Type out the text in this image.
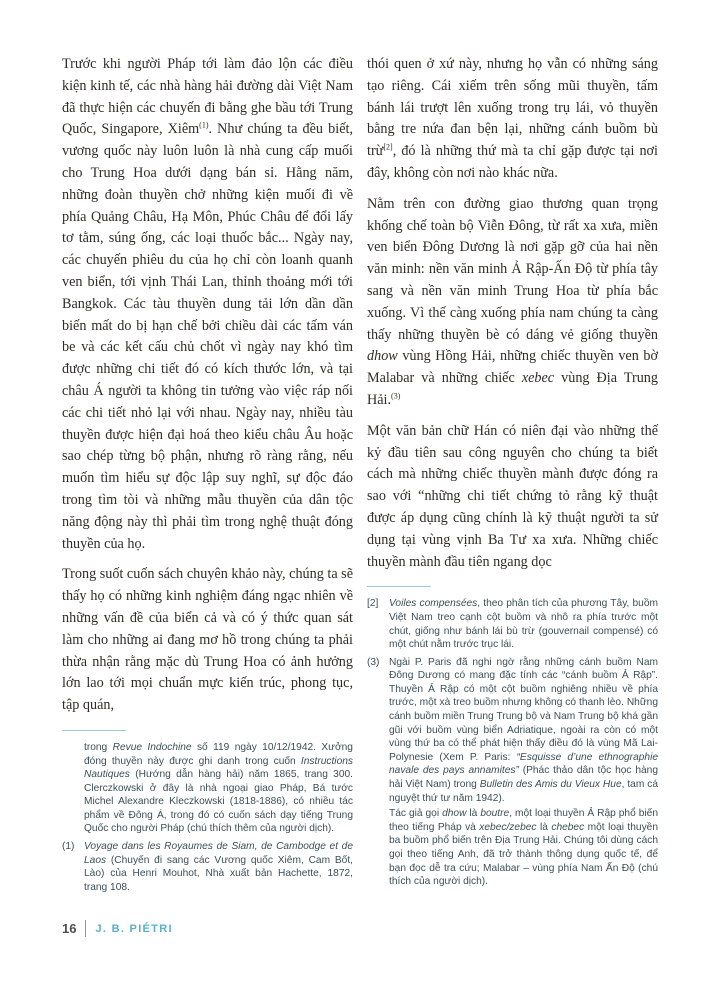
Trước khi người Pháp tới làm đảo lộn các điều kiện kinh tế, các nhà hàng hải đường dài Việt Nam đã thực hiện các chuyến đi bằng ghe bầu tới Trung Quốc, Singapore, Xiêm$^{(1)}$. Như chúng ta đều biết, vương quốc này luôn luôn là nhà cung cấp muối cho Trung Hoa dưới dạng bán sỉ. Hằng năm, những đoàn thuyền chở những kiện muối đi về phía Quảng Châu, Hạ Môn, Phúc Châu để đổi lấy tơ tằm, súng ống, các loại thuốc bắc... Ngày nay, các chuyến phiêu du của họ chỉ còn loanh quanh ven biển, tới vịnh Thái Lan, thỉnh thoảng mới tới Bangkok. Các tàu thuyền dung tải lớn dần dần biến mất do bị hạn chế bởi chiều dài các tấm ván be và các kết cấu chủ chốt vì ngày nay khó tìm được những chi tiết đó có kích thước lớn, và tại châu Á người ta không tin tưởng vào việc ráp nối các chi tiết nhỏ lại với nhau. Ngày nay, nhiều tàu thuyền được hiện đại hoá theo kiểu châu Âu hoặc sao chép từng bộ phận, nhưng rõ ràng rằng, nếu muốn tìm hiểu sự độc lập suy nghĩ, sự độc đáo trong tìm tòi và những mẫu thuyền của dân tộc năng động này thì phải tìm trong nghệ thuật đóng thuyền của họ.

Trong suốt cuốn sách chuyên khảo này, chúng ta sẽ thấy họ có những kinh nghiệm đáng ngạc nhiên về những vấn đề của biển cả và có ý thức quan sát làm cho những ai đang mơ hồ trong chúng ta phải thừa nhận rằng mặc dù Trung Hoa có ảnh hưởng lớn lao tới mọi chuẩn mực kiến trúc, phong tục, tập quán,

trong Revue Indochine số 119 ngày 10/12/1942. Xưởng đóng thuyền này được ghi danh trong cuốn Instructions Nautiques (Hướng dẫn hàng hải) năm 1865, trang 300. Clerczkowski ở đây là nhà ngoại giao Pháp, Bá tước Michel Alexandre Kleczkowski (1818-1886), có nhiều tác phẩm về Đông Á, trong đó có cuốn sách dạy tiếng Trung Quốc cho người Pháp (chú thích thêm của người dịch).
(1) Voyage dans les Royaumes de Siam, de Cambodge et de Laos (Chuyến đi sang các Vương quốc Xiêm, Cam Bốt, Lào) của Henri Mouhot, Nhà xuất bản Hachette, 1872, trang 108.

thói quen ở xứ này, nhưng họ vẫn có những sáng tạo riêng. Cái xiếm trên sống mũi thuyền, tấm bánh lái trượt lên xuống trong trụ lái, vỏ thuyền bằng tre nứa đan bện lại, những cánh buồm bù trừ[2], đó là những thứ mà ta chỉ gặp được tại nơi đây, không còn nơi nào khác nữa.

Nằm trên con đường giao thương quan trọng khống chế toàn bộ Viễn Đông, từ rất xa xưa, miền ven biển Đông Dương là nơi gặp gỡ của hai nền văn minh: nền văn minh Ả Rập-Ấn Độ từ phía tây sang và nền văn minh Trung Hoa từ phía bắc xuống. Vì thế càng xuống phía nam chúng ta càng thấy những thuyền bè có dáng vẻ giống thuyền dhow vùng Hồng Hải, những chiếc thuyền ven bờ Malabar và những chiếc xebec vùng Địa Trung Hải.$^{(3)}$

Một văn bản chữ Hán có niên đại vào những thế kỷ đầu tiên sau công nguyên cho chúng ta biết cách mà những chiếc thuyền mành được đóng ra sao với “những chi tiết chứng tỏ rằng kỹ thuật được áp dụng cũng chính là kỹ thuật người ta sử dụng tại vùng vịnh Ba Tư xa xưa. Những chiếc thuyền mành đầu tiên ngang dọc

[2]	Voiles compensées, theo phân tích của phương Tây, buồm Việt Nam treo cạnh cột buồm và nhô ra phía trước một chút, giống như bánh lái bù trừ (gouvernail compensé) có một chút nằm trước trục lái.
(3) Ngài P. Paris đã nghi ngờ rằng những cánh buồm Nam Đông Dương có mang đặc tính các “cánh buồm Ả Rập”. Thuyền Ả Rập có một cột buồm nghiêng nhiều về phía trước, một xà treo buồm nhưng không có thanh lèo. Những cánh buồm miền Trung Trung bộ và Nam Trung bộ khá gần gũi với buồm vùng biển Adriatique, ngoài ra còn có một vùng thứ ba có thể phát hiện thấy điều đó là vùng Mã Lai-Polynesie (Xem P. Paris: “Esquisse d’une ethnographie navale des pays annamites” (Phác thảo dân tộc học hàng hải Việt Nam) trong Bulletin des Amis du Vieux Hue, tam cá nguyệt thứ tư năm 1942).
Tác giả gọi dhow là boutre, một loại thuyền Ả Rập phổ biến theo tiếng Pháp và xebec/zebec là chebec một loại thuyền ba buồm phổ biến trên Địa Trung Hải. Chúng tôi dùng cách gọi theo tiếng Anh, đã trở thành thông dụng quốc tế, để bạn đọc dễ tra cứu; Malabar – vùng phía Nam Ấn Độ (chú thích của người dịch).
16 J. B. PIÉTRI
